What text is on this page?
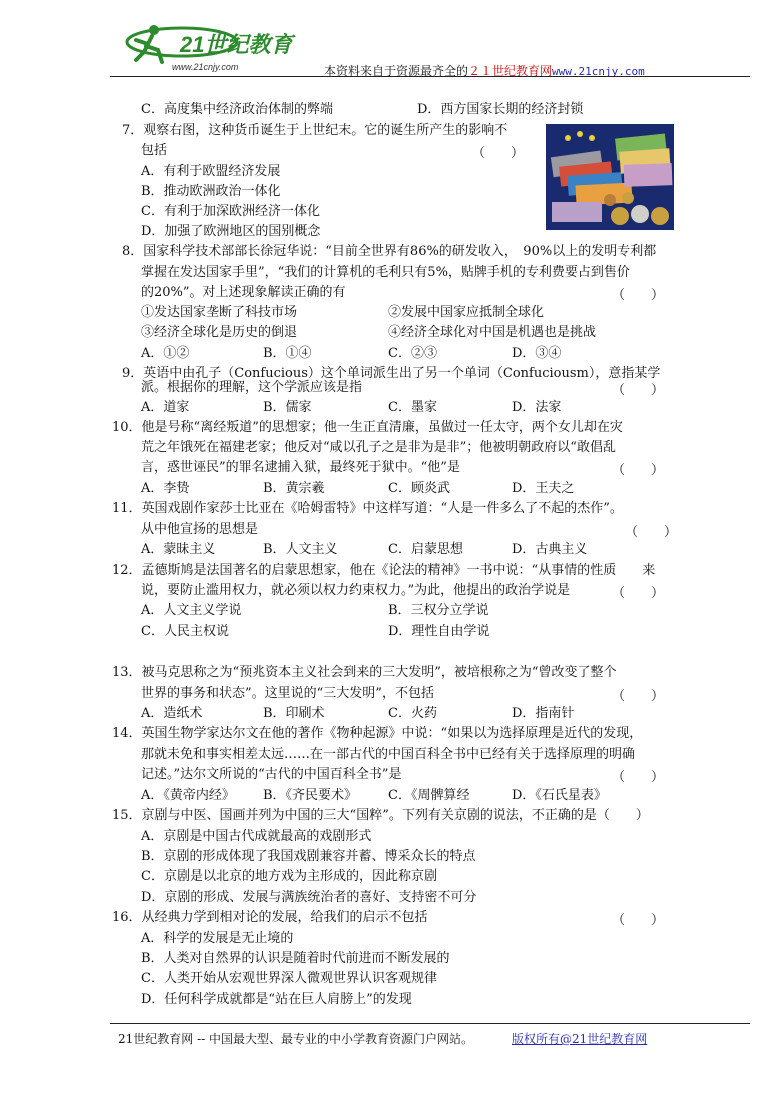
21世纪教育
www.21cnjy.com	本资料来自于资源最齐全的２１世纪教育网www.21cnjy.com
C．高度集中经济政治体制的弊端	D．西方国家长期的经济封锁
7．观察右图，这种货币诞生于上世纪末。它的诞生所产生的影响不
包括	（　　）
A．有利于欧盟经济发展
B．推动欧洲政治一体化
C．有利于加深欧洲经济一体化
D．加强了欧洲地区的国别概念
8．国家科学技术部部长徐冠华说：“目前全世界有86%的研发收入，　90%以上的发明专利都
掌握在发达国家手里”，“我们的计算机的毛利只有5%，贴牌手机的专利费要占到售价
的20%”。对上述现象解读正确的有	（　　）
①发达国家垄断了科技市场	②发展中国家应抵制全球化
③经济全球化是历史的倒退	④经济全球化对中国是机遇也是挑战
A．①②	B．①④	C．②③	D．③④
9．英语中由孔子（Confucious）这个单词派生出了另一个单词（Confuciousm），意指某学
派。根据你的理解，这个学派应该是指	（　　）
A．道家	B．儒家	C．墨家	D．法家
10．他是号称“离经叛道”的思想家；他一生正直清廉，虽做过一任太守，两个女儿却在灾
荒之年饿死在福建老家；他反对“咸以孔子之是非为是非”；他被明朝政府以“敢倡乱
言，惑世诬民”的罪名逮捕入狱，最终死于狱中。“他”是	（　　）
A．李贽	B．黄宗羲	C．顾炎武	D．王夫之
11．英国戏剧作家莎士比亚在《哈姆雷特》中这样写道：“人是一件多么了不起的杰作”。
从中他宣扬的思想是	（　　）
A．蒙昧主义	B．人文主义	C．启蒙思想	D．古典主义
12．孟德斯鸠是法国著名的启蒙思想家，他在《论法的精神》一书中说：“从事情的性质　　来
说，要防止滥用权力，就必须以权力约束权力。”为此，他提出的政治学说是	（　　）
A．人文主义学说	B．三权分立学说
C．人民主权说	D．理性自由学说
13．被马克思称之为“预兆资本主义社会到来的三大发明”，被培根称之为“曾改变了整个
世界的事务和状态”。这里说的“三大发明”，不包括	（　　）
A．造纸术	B．印刷术	C．火药	D．指南针
14．英国生物学家达尔文在他的著作《物种起源》中说：“如果以为选择原理是近代的发现，
那就未免和事实相差太远……在一部古代的中国百科全书中已经有关于选择原理的明确
记述。”达尔文所说的“古代的中国百科全书”是	（　　）
A．《黄帝内经》 B．《齐民要术》 C．《周髀算经	D．《石氏星表》
15．京剧与中医、国画并列为中国的三大“国粹”。下列有关京剧的说法，不正确的是（　　）
A．京剧是中国古代成就最高的戏剧形式
B．京剧的形成体现了我国戏剧兼容并蓄、博采众长的特点
C．京剧是以北京的地方戏为主形成的，因此称京剧
D．京剧的形成、发展与满族统治者的喜好、支持密不可分
16．从经典力学到相对论的发展，给我们的启示不包括	（　　）
A．科学的发展是无止境的
B．人类对自然界的认识是随着时代前进而不断发展的
C．人类开始从宏观世界深人微观世界认识客观规律
D．任何科学成就都是“站在巨人肩膀上”的发现
21世纪教育网 -- 中国最大型、最专业的中小学教育资源门户网站。	版权所有@21世纪教育网
